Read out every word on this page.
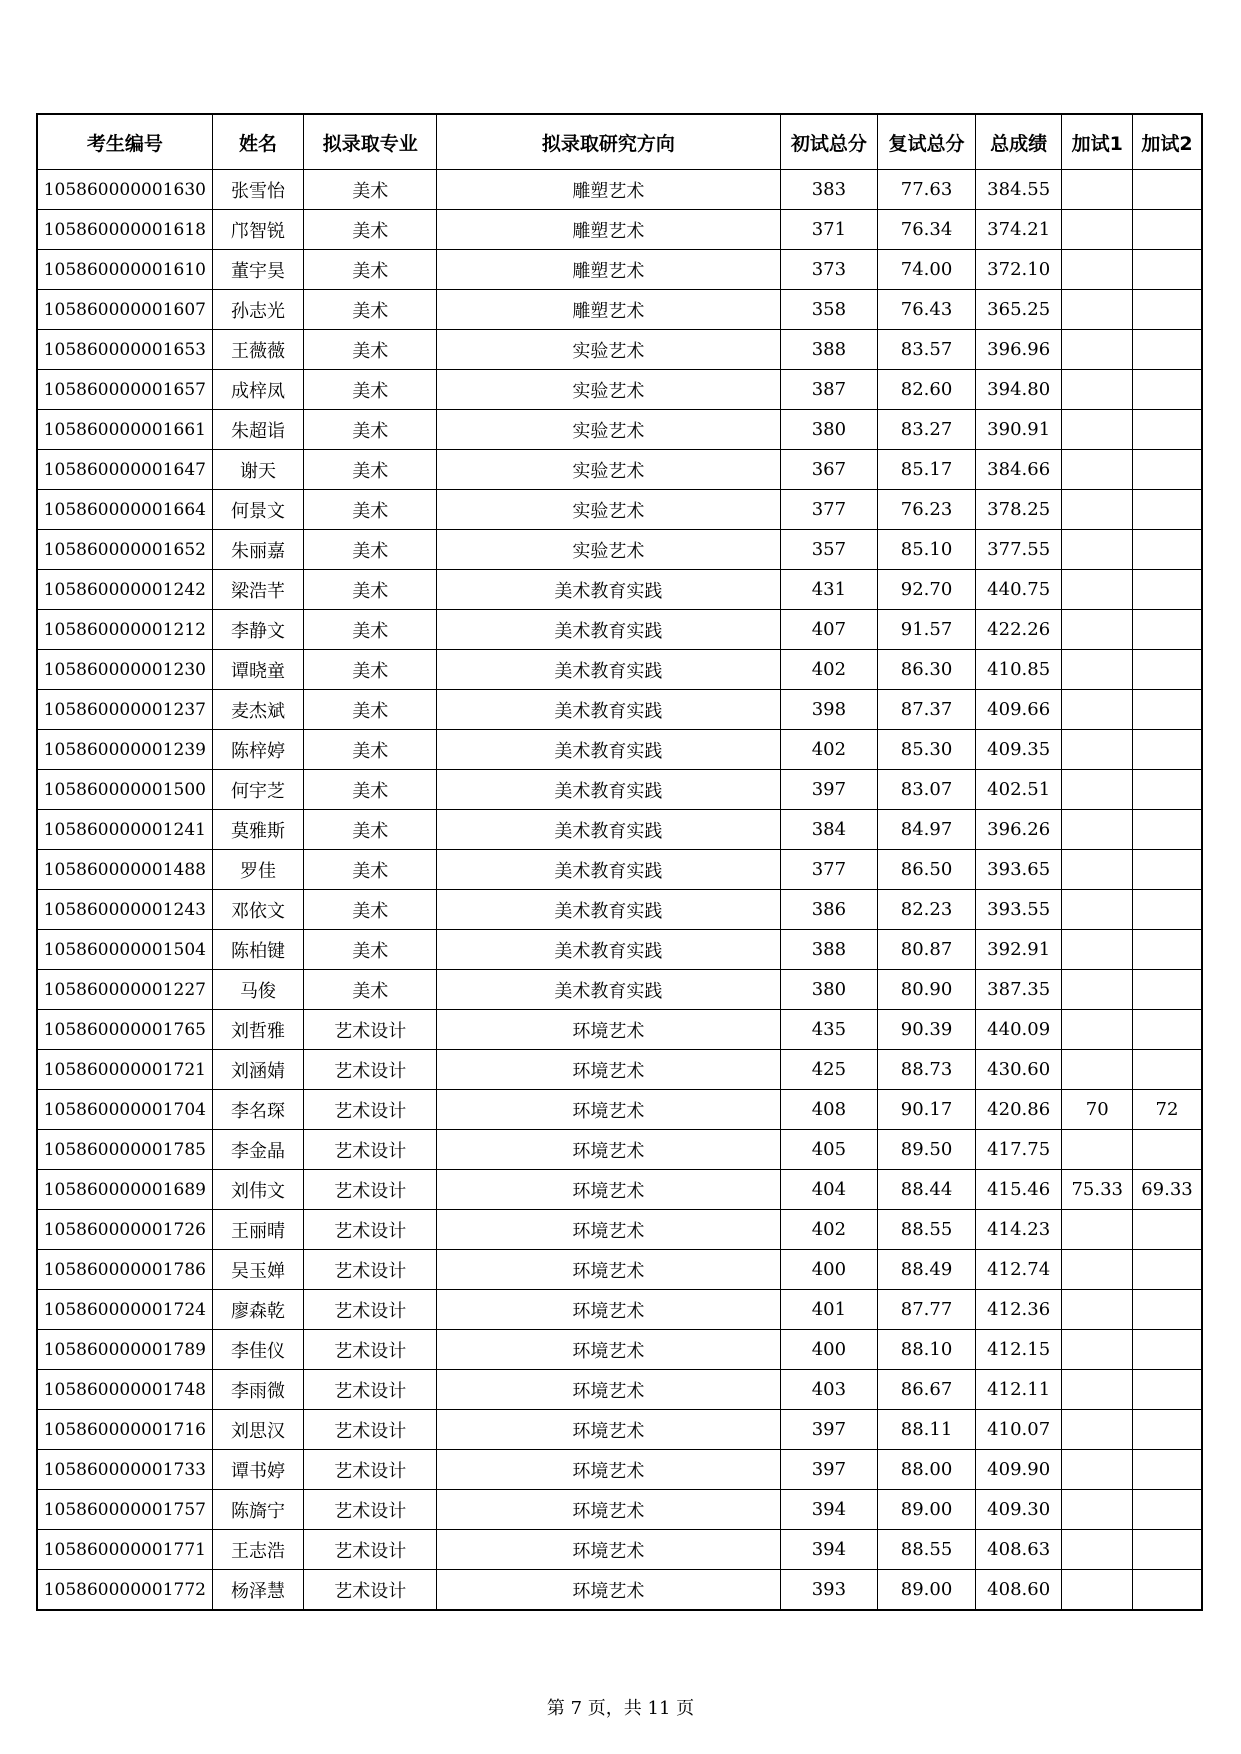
考生编号	姓名	拟录取专业	拟录取研究方向	初试总分	复试总分	总成绩	加试1	加试2
105860000001630	张雪怡	美术	雕塑艺术	383	77.63	384.55		
105860000001618	邝智锐	美术	雕塑艺术	371	76.34	374.21		
105860000001610	董宇昊	美术	雕塑艺术	373	74.00	372.10		
105860000001607	孙志光	美术	雕塑艺术	358	76.43	365.25		
105860000001653	王薇薇	美术	实验艺术	388	83.57	396.96		
105860000001657	成梓凤	美术	实验艺术	387	82.60	394.80		
105860000001661	朱超诣	美术	实验艺术	380	83.27	390.91		
105860000001647	谢天	美术	实验艺术	367	85.17	384.66		
105860000001664	何景文	美术	实验艺术	377	76.23	378.25		
105860000001652	朱丽嘉	美术	实验艺术	357	85.10	377.55		
105860000001242	梁浩芊	美术	美术教育实践	431	92.70	440.75		
105860000001212	李静文	美术	美术教育实践	407	91.57	422.26		
105860000001230	谭晓童	美术	美术教育实践	402	86.30	410.85		
105860000001237	麦杰斌	美术	美术教育实践	398	87.37	409.66		
105860000001239	陈梓婷	美术	美术教育实践	402	85.30	409.35		
105860000001500	何宇芝	美术	美术教育实践	397	83.07	402.51		
105860000001241	莫雅斯	美术	美术教育实践	384	84.97	396.26		
105860000001488	罗佳	美术	美术教育实践	377	86.50	393.65		
105860000001243	邓依文	美术	美术教育实践	386	82.23	393.55		
105860000001504	陈柏键	美术	美术教育实践	388	80.87	392.91		
105860000001227	马俊	美术	美术教育实践	380	80.90	387.35		
105860000001765	刘哲雅	艺术设计	环境艺术	435	90.39	440.09		
105860000001721	刘涵婧	艺术设计	环境艺术	425	88.73	430.60		
105860000001704	李名琛	艺术设计	环境艺术	408	90.17	420.86	70	72
105860000001785	李金晶	艺术设计	环境艺术	405	89.50	417.75		
105860000001689	刘伟文	艺术设计	环境艺术	404	88.44	415.46	75.33	69.33
105860000001726	王丽晴	艺术设计	环境艺术	402	88.55	414.23		
105860000001786	吴玉婵	艺术设计	环境艺术	400	88.49	412.74		
105860000001724	廖森乾	艺术设计	环境艺术	401	87.77	412.36		
105860000001789	李佳仪	艺术设计	环境艺术	400	88.10	412.15		
105860000001748	李雨微	艺术设计	环境艺术	403	86.67	412.11		
105860000001716	刘思汉	艺术设计	环境艺术	397	88.11	410.07		
105860000001733	谭书婷	艺术设计	环境艺术	397	88.00	409.90		
105860000001757	陈旖宁	艺术设计	环境艺术	394	89.00	409.30		
105860000001771	王志浩	艺术设计	环境艺术	394	88.55	408.63		
105860000001772	杨泽慧	艺术设计	环境艺术	393	89.00	408.60		
第 7 页，共 11 页
